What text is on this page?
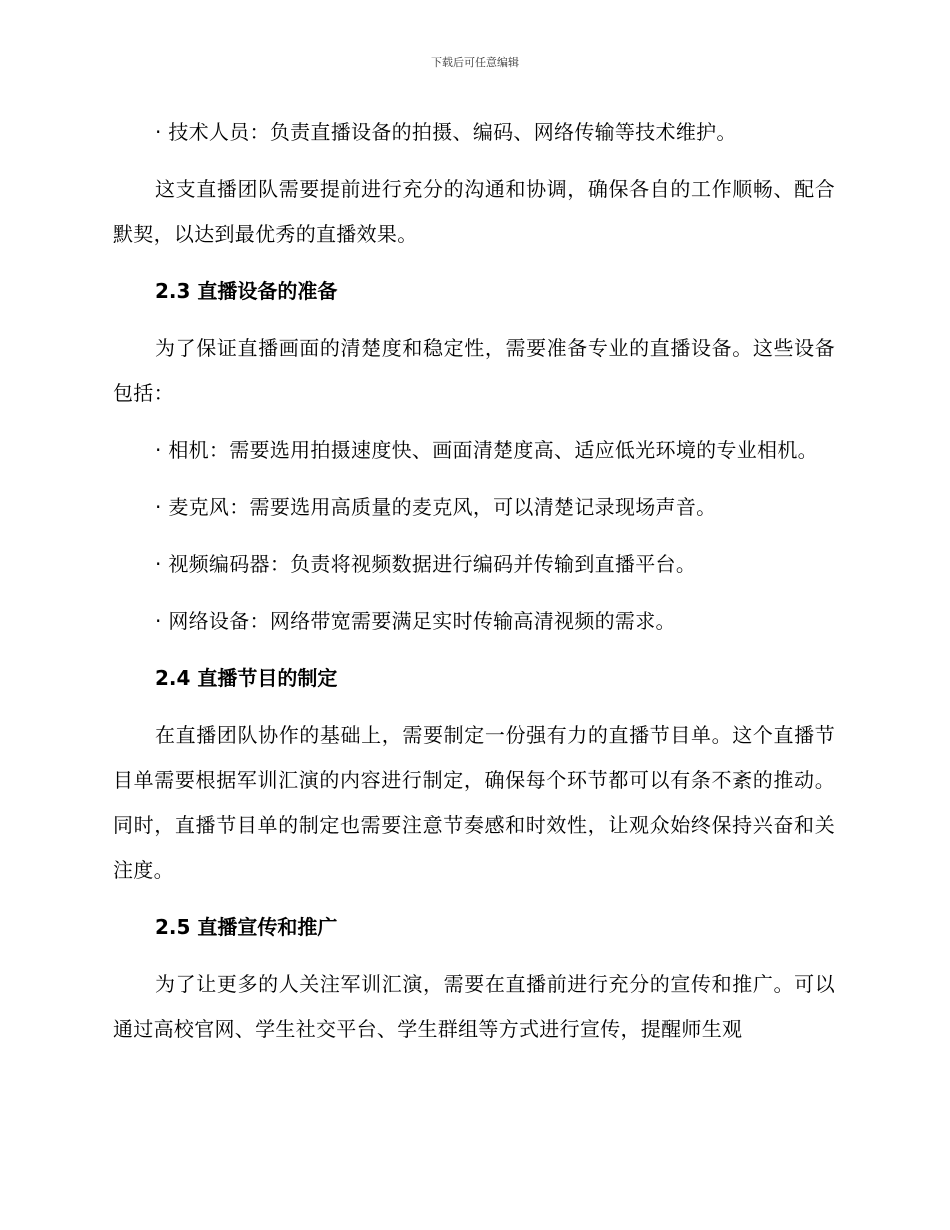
下载后可任意编辑
· 技术人员：负责直播设备的拍摄、编码、网络传输等技术维护。
这支直播团队需要提前进行充分的沟通和协调，确保各自的工作顺畅、配合默契，以达到最优秀的直播效果。
2.3 直播设备的准备
为了保证直播画面的清楚度和稳定性，需要准备专业的直播设备。这些设备包括：
· 相机：需要选用拍摄速度快、画面清楚度高、适应低光环境的专业相机。
· 麦克风：需要选用高质量的麦克风，可以清楚记录现场声音。
· 视频编码器：负责将视频数据进行编码并传输到直播平台。
· 网络设备：网络带宽需要满足实时传输高清视频的需求。
2.4 直播节目的制定
在直播团队协作的基础上，需要制定一份强有力的直播节目单。这个直播节目单需要根据军训汇演的内容进行制定，确保每个环节都可以有条不紊的推动。同时，直播节目单的制定也需要注意节奏感和时效性，让观众始终保持兴奋和关注度。
2.5 直播宣传和推广
为了让更多的人关注军训汇演，需要在直播前进行充分的宣传和推广。可以通过高校官网、学生社交平台、学生群组等方式进行宣传，提醒师生观
